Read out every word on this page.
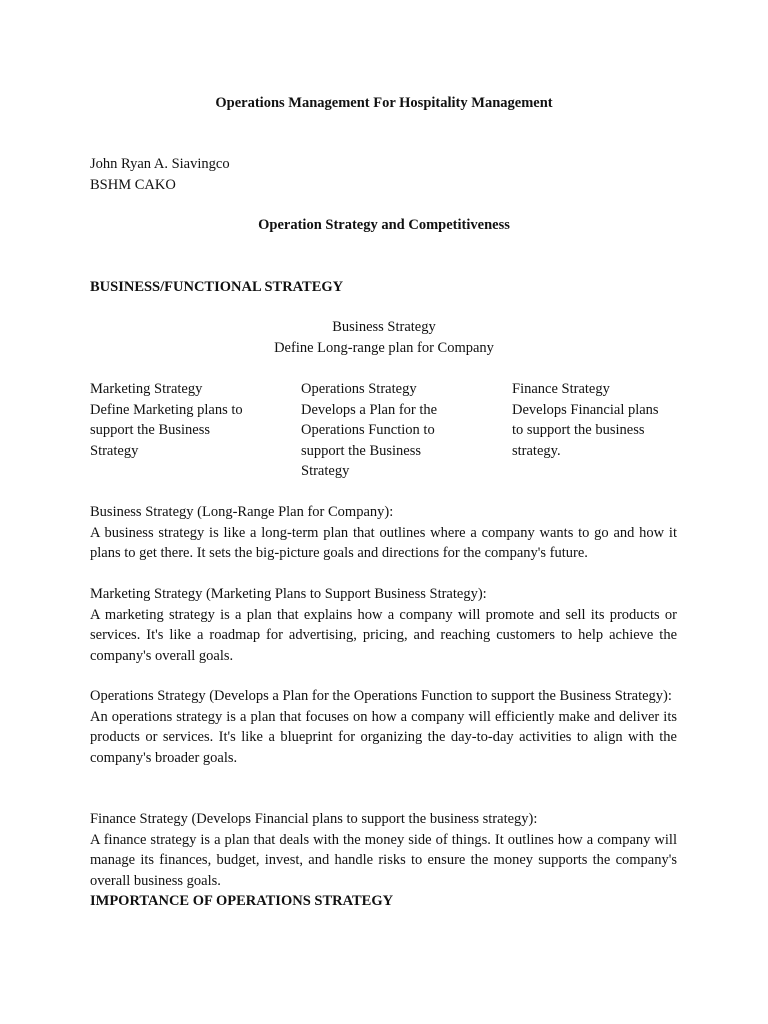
Operations Management For Hospitality Management

John Ryan A. Siavingco

BSHM CAKO

Operation Strategy and Competitiveness

BUSINESS/FUNCTIONAL STRATEGY

Business Strategy

Define Long-range plan for Company

Marketing Strategy
Define Marketing plans to
support the Business
Strategy
Operations Strategy
Develops a Plan for the
Operations Function to
support the Business
Strategy
Finance Strategy
Develops Financial plans
to support the business
strategy.
Business Strategy (Long-Range Plan for Company):
A business strategy is like a long-term plan that outlines where a company wants to go and how it plans to get there. It sets the big-picture goals and directions for the company's future.
Marketing Strategy (Marketing Plans to Support Business Strategy):
A marketing strategy is a plan that explains how a company will promote and sell its products or services. It's like a roadmap for advertising, pricing, and reaching customers to help achieve the company's overall goals.
Operations Strategy (Develops a Plan for the Operations Function to support the Business Strategy):
An operations strategy is a plan that focuses on how a company will efficiently make and deliver its products or services. It's like a blueprint for organizing the day-to-day activities to align with the company's broader goals.
Finance Strategy (Develops Financial plans to support the business strategy):
A finance strategy is a plan that deals with the money side of things. It outlines how a company will manage its finances, budget, invest, and handle risks to ensure the money supports the company's overall business goals.

IMPORTANCE OF OPERATIONS STRATEGY
